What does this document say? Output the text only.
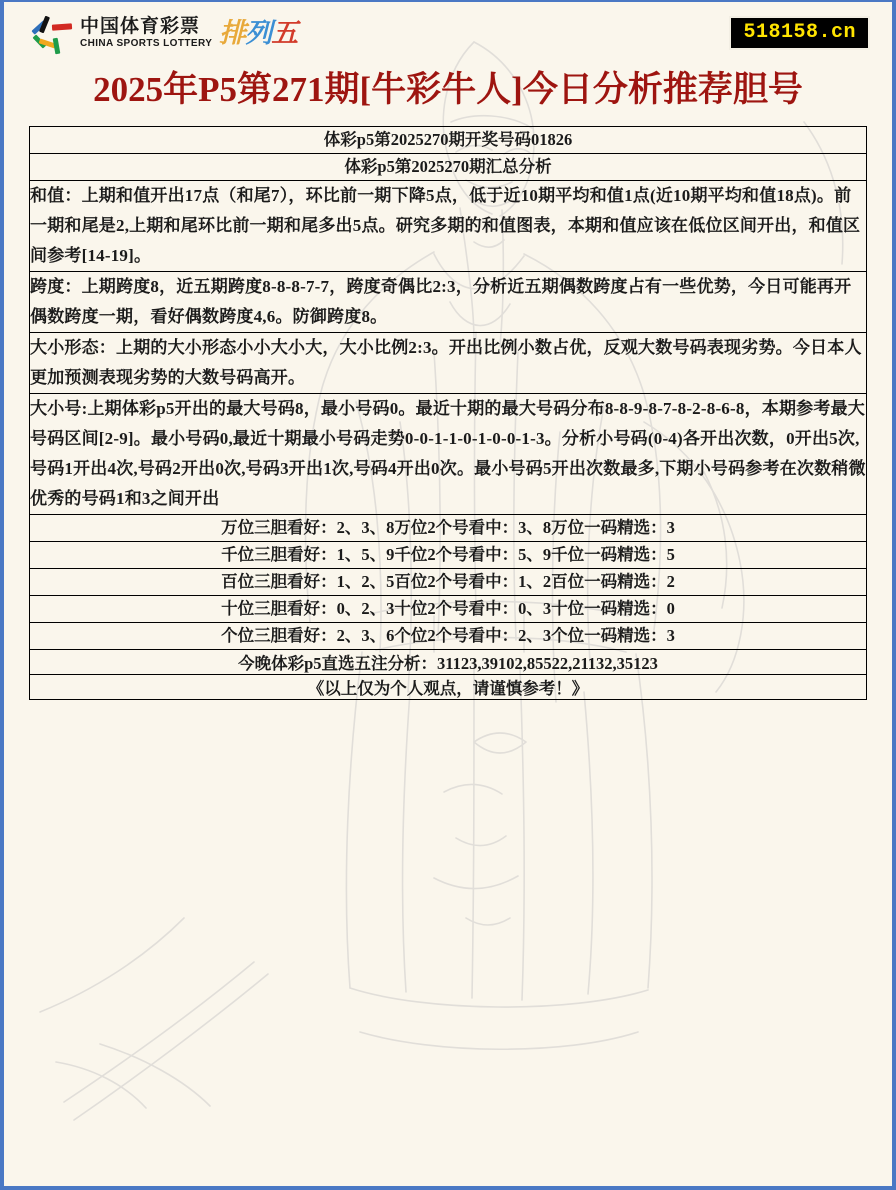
中国体育彩票
CHINA SPORTS LOTTERY 排列五	518158.cn
2025年P5第271期[牛彩牛人]今日分析推荐胆号
体彩p5第2025270期开奖号码01826
体彩p5第2025270期汇总分析
和值：上期和值开出17点（和尾7），环比前一期下降5点，低于近10期平均和值1点(近10期平均和值18点)。前一期和尾是2,上期和尾环比前一期和尾多出5点。研究多期的和值图表，本期和值应该在低位区间开出，和值区间参考[14-19]。
跨度：上期跨度8，近五期跨度8-8-8-7-7，跨度奇偶比2:3，分析近五期偶数跨度占有一些优势，今日可能再开偶数跨度一期，看好偶数跨度4,6。防御跨度8。
大小形态：上期的大小形态小小大小大，大小比例2:3。开出比例小数占优，反观大数号码表现劣势。今日本人更加预测表现劣势的大数号码高开。
大小号:上期体彩p5开出的最大号码8，最小号码0。最近十期的最大号码分布8-8-9-8-7-8-2-8-6-8，本期参考最大号码区间[2-9]。最小号码0,最近十期最小号码走势0-0-1-1-0-1-0-0-1-3。分析小号码(0-4)各开出次数，0开出5次,号码1开出4次,号码2开出0次,号码3开出1次,号码4开出0次。最小号码5开出次数最多,下期小号码参考在次数稍微优秀的号码1和3之间开出
万位三胆看好：2、3、8万位2个号看中：3、8万位一码精选：3
千位三胆看好：1、5、9千位2个号看中：5、9千位一码精选：5
百位三胆看好：1、2、5百位2个号看中：1、2百位一码精选：2
十位三胆看好：0、2、3十位2个号看中：0、3十位一码精选：0
个位三胆看好：2、3、6个位2个号看中：2、3个位一码精选：3
今晚体彩p5直选五注分析：31123,39102,85522,21132,35123
《以上仅为个人观点，请谨慎参考！》
